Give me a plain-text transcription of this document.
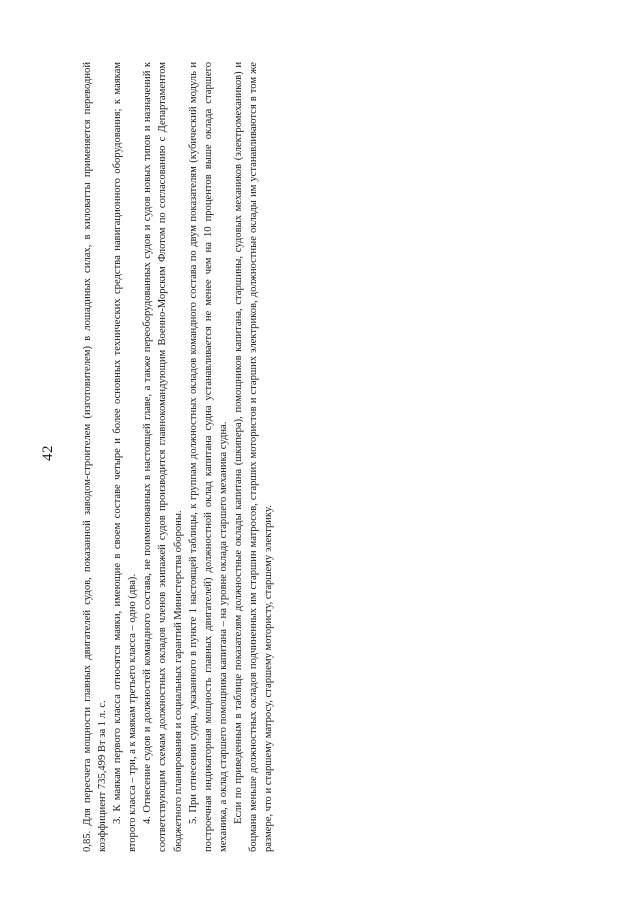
42 0,85. Для пересчета мощности главных двигателей судов, показанной заводом-строителем (изготовителем) в лошадиных силах, в киловатты применяется переводной коэффициент 735,499 Вт за 1 л. с. 3. К маякам первого класса относятся маяки, имеющие в своем составе четыре и более основных технических средства навигационного оборудования; к маякам второго класса – три, а к маякам третьего класса – одно (два). 4. Отнесение судов и должностей командного состава, не поименованных в настоящей главе, а также переоборудованных судов и судов новых типов и назначений к соответствующим схемам должностных окладов членов экипажей судов производится главнокомандующим Военно-Морским Флотом по согласованию с Департаментом бюджетного планирования и социальных гарантий Министерства обороны. 5. При отнесении судна, указанного в пункте 1 настоящей таблицы, к группам должностных окладов командного состава по двум показателям (кубический модуль и построечная индикаторная мощность главных двигателей) должностной оклад капитана судна устанавливается не менее чем на 10 процентов выше оклада старшего механика, а оклад старшего помощника капитана – на уровне оклада старшего механика судна. Если по приведенным в таблице показателям должностные оклады капитана (шкипера), помощников капитана, старшины, судовых механиков (электромехаников) и боцмана меньше должностных окладов подчиненных им старшин матросов, старших мотористов и старших электриков, должностные оклады им устанавливаются в том же размере, что и старшему матросу, старшему мотористу, старшему электрику.
